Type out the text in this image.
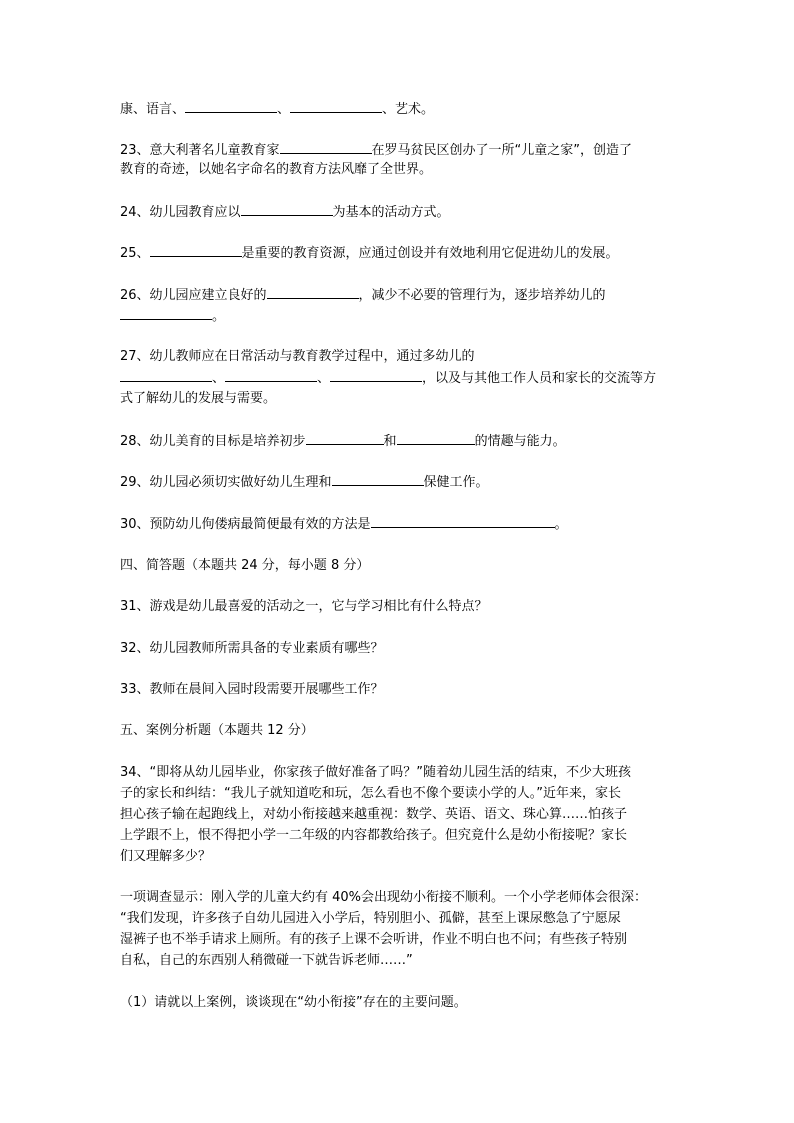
康、语言、	、	、艺术。
23、意大利著名儿童教育家	在罗马贫民区创办了一所“儿童之家”，创造了
教育的奇迹，以她名字命名的教育方法风靡了全世界。
24、幼儿园教育应以	为基本的活动方式。
25、	是重要的教育资源，应通过创设并有效地利用它促进幼儿的发展。
26、幼儿园应建立良好的	，减少不必要的管理行为，逐步培养幼儿的
。
27、幼儿教师应在日常活动与教育教学过程中，通过多幼儿的
、	、	，以及与其他工作人员和家长的交流等方
式了解幼儿的发展与需要。
28、幼儿美育的目标是培养初步	和	的情趣与能力。
29、幼儿园必须切实做好幼儿生理和	保健工作。
30、预防幼儿佝偻病最简便最有效的方法是	。
四、简答题（本题共 24 分，每小题 8 分）
31、游戏是幼儿最喜爱的活动之一，它与学习相比有什么特点？
32、幼儿园教师所需具备的专业素质有哪些？
33、教师在晨间入园时段需要开展哪些工作？
五、案例分析题（本题共 12 分）
34、“即将从幼儿园毕业，你家孩子做好准备了吗？”随着幼儿园生活的结束，不少大班孩
子的家长和纠结：“我儿子就知道吃和玩，怎么看也不像个要读小学的人。”近年来，家长
担心孩子输在起跑线上，对幼小衔接越来越重视：数学、英语、语文、珠心算……怕孩子
上学跟不上，恨不得把小学一二年级的内容都教给孩子。但究竟什么是幼小衔接呢？家长
们又理解多少？
一项调查显示：刚入学的儿童大约有 40%会出现幼小衔接不顺利。一个小学老师体会很深：
“我们发现，许多孩子自幼儿园进入小学后，特别胆小、孤僻，甚至上课尿憋急了宁愿尿
湿裤子也不举手请求上厕所。有的孩子上课不会听讲，作业不明白也不问；有些孩子特别
自私，自己的东西别人稍微碰一下就告诉老师……”
（1）请就以上案例，谈谈现在“幼小衔接”存在的主要问题。
